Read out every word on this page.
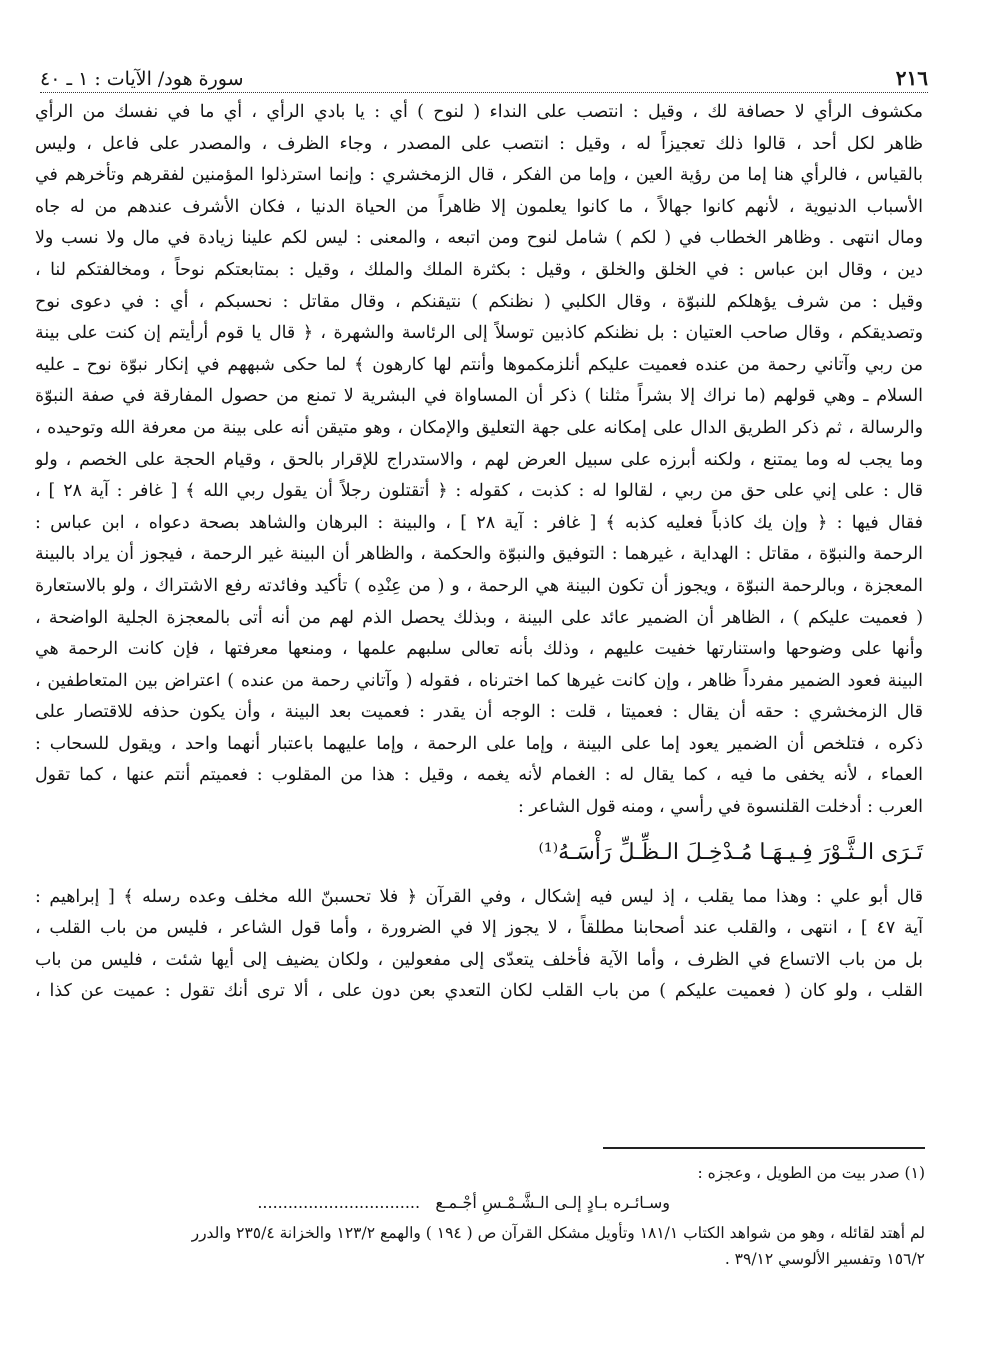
٢١٦
سورة هود/ الآيات : ١ ـ ٤٠
مكشوف الرأي لا حصافة لك ، وقيل : انتصب على النداء ( لنوح ) أي : يا بادي الرأي ، أي ما في نفسك من الرأي
ظاهر لكل أحد ، قالوا ذلك تعجيزاً له ، وقيل : انتصب على المصدر ، وجاء الظرف ، والمصدر على فاعل ، وليس
بالقياس ، فالرأي هنا إما من رؤية العين ، وإما من الفكر ، قال الزمخشري : وإنما استرذلوا المؤمنين لفقرهم وتأخرهم في
الأسباب الدنيوية ، لأنهم كانوا جهالاً ، ما كانوا يعلمون إلا ظاهراً من الحياة الدنيا ، فكان الأشرف عندهم من له جاه
ومال انتهى . وظاهر الخطاب في ( لكم ) شامل لنوح ومن اتبعه ، والمعنى : ليس لكم علينا زيادة في مال ولا نسب ولا
دين ، وقال ابن عباس : في الخلق والخلق ، وقيل : بكثرة الملك والملك ، وقيل : بمتابعتكم نوحاً ، ومخالفتكم لنا ،
وقيل : من شرف يؤهلكم للنبوّة ، وقال الكلبي ( نظنكم ) نتيقنكم ، وقال مقاتل : نحسبكم ، أي : في دعوى نوح
وتصديقكم ، وقال صاحب العتيان : بل نظنكم كاذبين توسلاً إلى الرئاسة والشهرة ، ﴿ قال يا قوم أرأيتم إن كنت على بينة
من ربي وآتاني رحمة من عنده فعميت عليكم أنلزمكموها وأنتم لها كارهون ﴾ لما حكى شبههم في إنكار نبوّة نوح ـ عليه
السلام ـ وهي قولهم (ما نراك إلا بشراً مثلنا ) ذكر أن المساواة في البشرية لا تمنع من حصول المفارقة في صفة النبوّة
والرسالة ، ثم ذكر الطريق الدال على إمكانه على جهة التعليق والإمكان ، وهو متيقن أنه على بينة من معرفة الله وتوحيده ،
وما يجب له وما يمتنع ، ولكنه أبرزه على سبيل العرض لهم ، والاستدراج للإقرار بالحق ، وقيام الحجة على الخصم ، ولو
قال : على إني على حق من ربي ، لقالوا له : كذبت ، كقوله : ﴿ أتقتلون رجلاً أن يقول ربي الله ﴾ [ غافر : آية ٢٨ ] ،
فقال فيها : ﴿ وإن يك كاذباً فعليه كذبه ﴾ [ غافر : آية ٢٨ ] ، والبينة : البرهان والشاهد بصحة دعواه ، ابن عباس :
الرحمة والنبوّة ، مقاتل : الهداية ، غيرهما : التوفيق والنبوّة والحكمة ، والظاهر أن البينة غير الرحمة ، فيجوز أن يراد بالبينة
المعجزة ، وبالرحمة النبوّة ، ويجوز أن تكون البينة هي الرحمة ، و ( من عِنْدِه ) تأكيد وفائدته رفع الاشتراك ، ولو بالاستعارة
( فعميت عليكم ) ، الظاهر أن الضمير عائد على البينة ، وبذلك يحصل الذم لهم من أنه أتى بالمعجزة الجلية الواضحة ،
وأنها على وضوحها واستنارتها خفيت عليهم ، وذلك بأنه تعالى سلبهم علمها ، ومنعها معرفتها ، فإن كانت الرحمة هي
البينة فعود الضمير مفرداً ظاهر ، وإن كانت غيرها كما اخترناه ، فقوله ( وآتاني رحمة من عنده ) اعتراض بين المتعاطفين ،
قال الزمخشري : حقه أن يقال : فعميتا ، قلت : الوجه أن يقدر : فعميت بعد البينة ، وأن يكون حذفه للاقتصار على
ذكره ، فتلخص أن الضمير يعود إما على البينة ، وإما على الرحمة ، وإما عليهما باعتبار أنهما واحد ، ويقول للسحاب :
العماء ، لأنه يخفى ما فيه ، كما يقال له : الغمام لأنه يغمه ، وقيل : هذا من المقلوب : فعميتم أنتم عنها ، كما تقول
العرب : أدخلت القلنسوة في رأسي ، ومنه قول الشاعر :
تَـرَى الـثَّـوْرَ فِـيـهَـا مُـدْخِـلَ الـظِّـلِّ رَأْسَـهُ⁽¹⁾
قال أبو علي : وهذا مما يقلب ، إذ ليس فيه إشكال ، وفي القرآن ﴿ فلا تحسبنّ الله مخلف وعده رسله ﴾ [ إبراهيم :
آية ٤٧ ] ، انتهى ، والقلب عند أصحابنا مطلقاً ، لا يجوز إلا في الضرورة ، وأما قول الشاعر ، فليس من باب القلب ،
بل من باب الاتساع في الظرف ، وأما الآية فأخلف يتعدّى إلى مفعولين ، ولكان يضيف إلى أيها شئت ، فليس من باب
القلب ، ولو كان ( فعميت عليكم ) من باب القلب لكان التعدي بعن دون على ، ألا ترى أنك تقول : عميت عن كذا ،
(١) صدر بيت من الطويل ، وعجزه :
وسـائـره بـادٍ إلـى الـشَّـمْـسِ أجْـمـع   ................................
لم أهتد لقائله ، وهو من شواهد الكتاب ١٨١/١ وتأويل مشكل القرآن ص ( ١٩٤ ) والهمع ١٢٣/٢ والخزانة ٢٣٥/٤ والدرر
١٥٦/٢ وتفسير الألوسي ٣٩/١٢ .
